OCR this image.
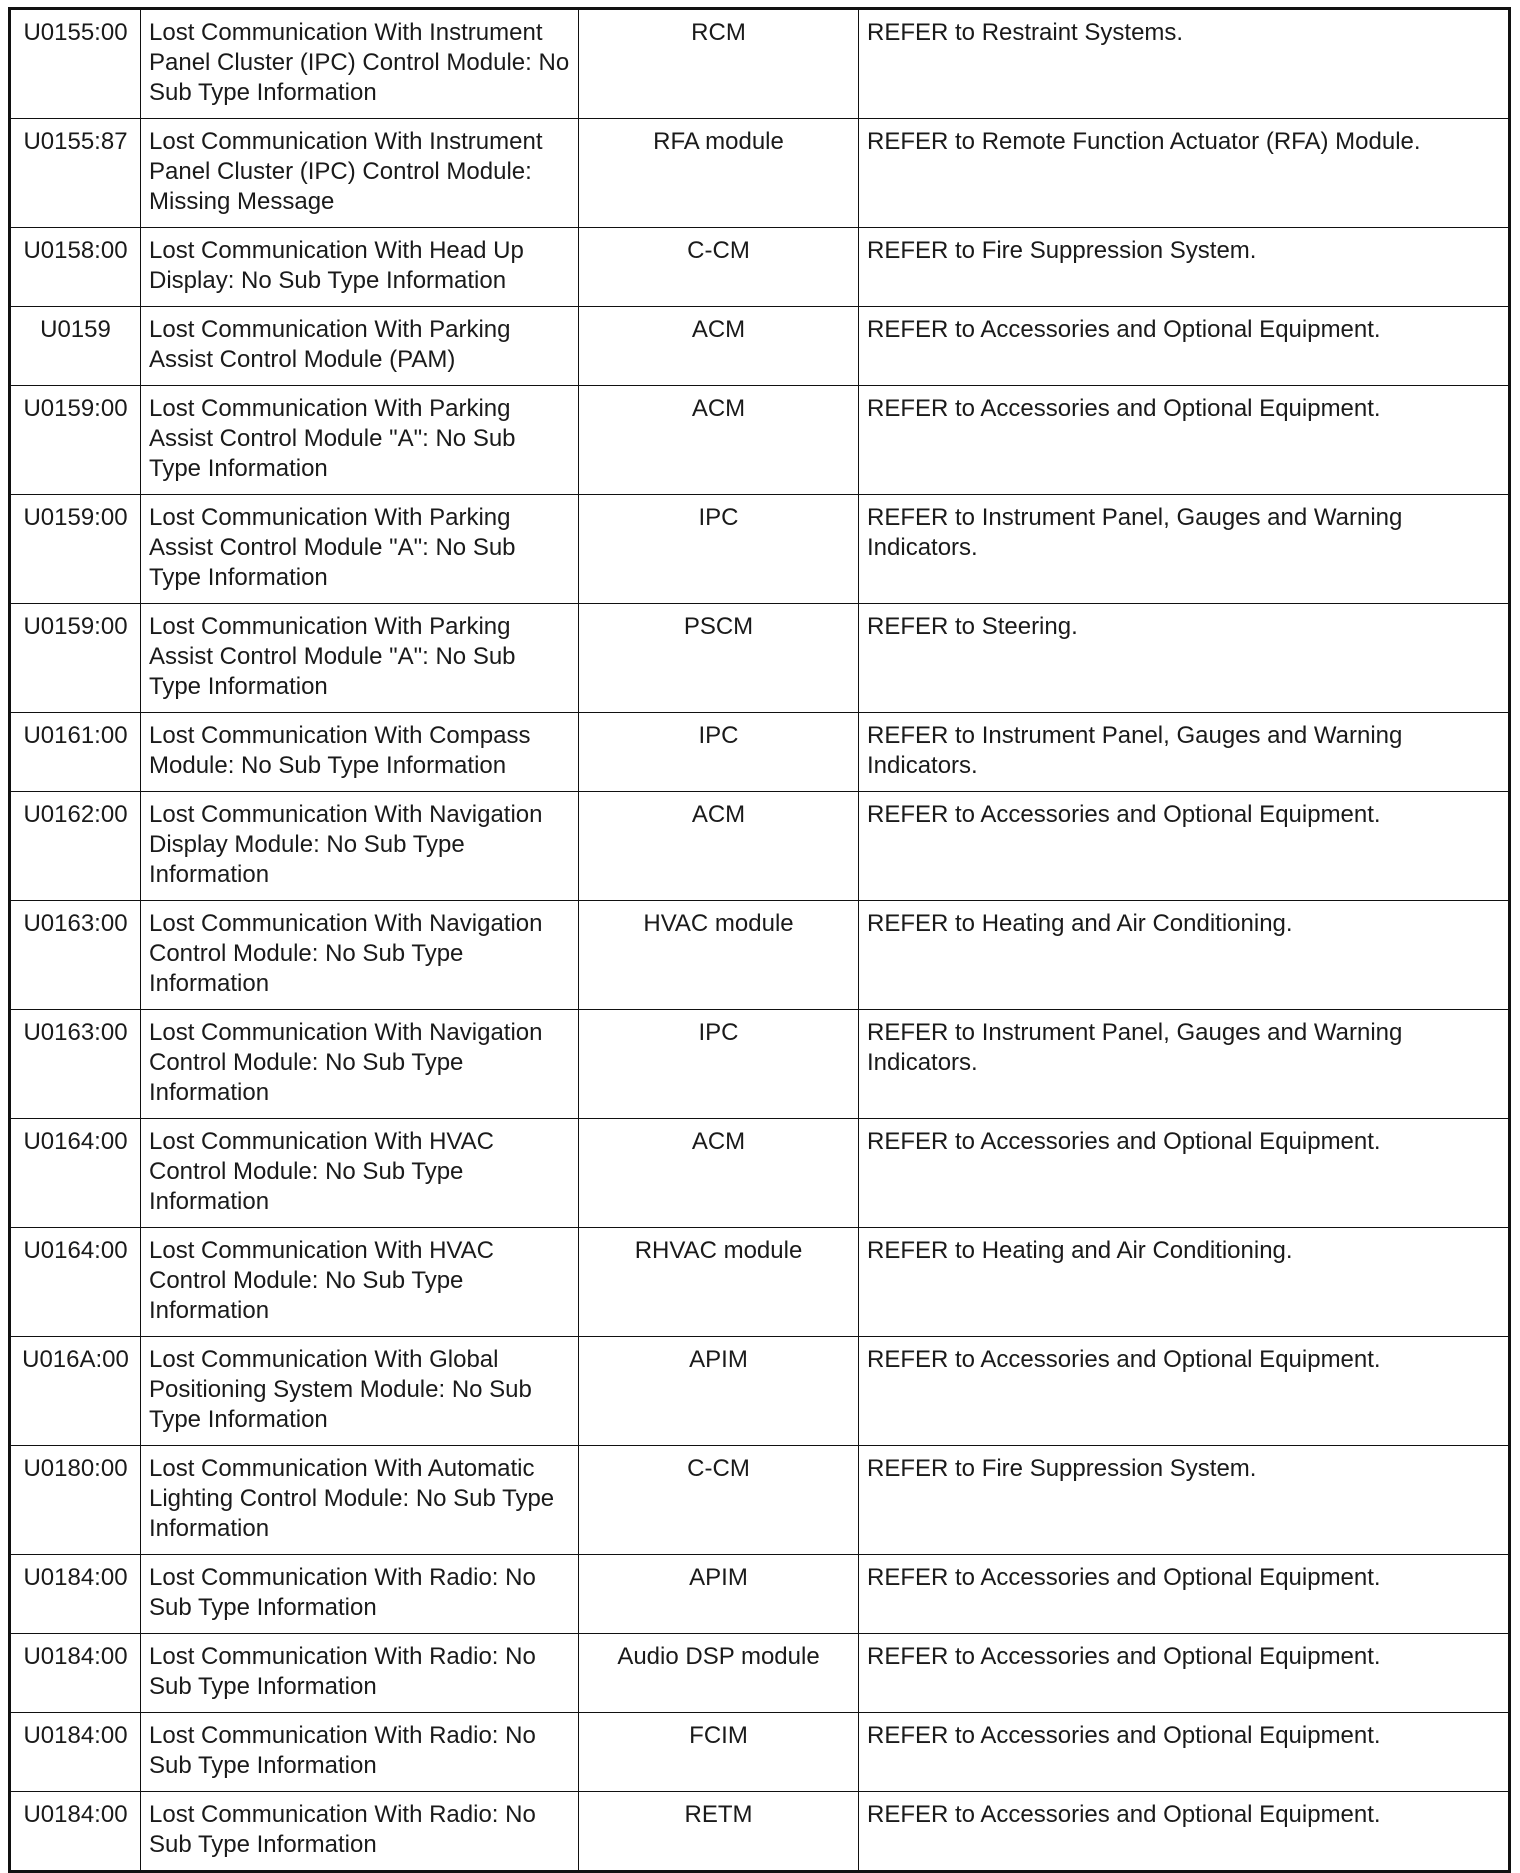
U0155:00	Lost Communication With Instrument Panel Cluster (IPC) Control Module: No Sub Type Information	RCM	REFER to Restraint Systems.
U0155:87	Lost Communication With Instrument Panel Cluster (IPC) Control Module: Missing Message	RFA module	REFER to Remote Function Actuator (RFA) Module.
U0158:00	Lost Communication With Head Up Display: No Sub Type Information	C-CM	REFER to Fire Suppression System.
U0159	Lost Communication With Parking Assist Control Module (PAM)	ACM	REFER to Accessories and Optional Equipment.
U0159:00	Lost Communication With Parking Assist Control Module "A": No Sub Type Information	ACM	REFER to Accessories and Optional Equipment.
U0159:00	Lost Communication With Parking Assist Control Module "A": No Sub Type Information	IPC	REFER to Instrument Panel, Gauges and Warning Indicators.
U0159:00	Lost Communication With Parking Assist Control Module "A": No Sub Type Information	PSCM	REFER to Steering.
U0161:00	Lost Communication With Compass Module: No Sub Type Information	IPC	REFER to Instrument Panel, Gauges and Warning Indicators.
U0162:00	Lost Communication With Navigation Display Module: No Sub Type Information	ACM	REFER to Accessories and Optional Equipment.
U0163:00	Lost Communication With Navigation Control Module: No Sub Type Information	HVAC module	REFER to Heating and Air Conditioning.
U0163:00	Lost Communication With Navigation Control Module: No Sub Type Information	IPC	REFER to Instrument Panel, Gauges and Warning Indicators.
U0164:00	Lost Communication With HVAC Control Module: No Sub Type Information	ACM	REFER to Accessories and Optional Equipment.
U0164:00	Lost Communication With HVAC Control Module: No Sub Type Information	RHVAC module	REFER to Heating and Air Conditioning.
U016A:00	Lost Communication With Global Positioning System Module: No Sub Type Information	APIM	REFER to Accessories and Optional Equipment.
U0180:00	Lost Communication With Automatic Lighting Control Module: No Sub Type Information	C-CM	REFER to Fire Suppression System.
U0184:00	Lost Communication With Radio: No Sub Type Information	APIM	REFER to Accessories and Optional Equipment.
U0184:00	Lost Communication With Radio: No Sub Type Information	Audio DSP module	REFER to Accessories and Optional Equipment.
U0184:00	Lost Communication With Radio: No Sub Type Information	FCIM	REFER to Accessories and Optional Equipment.
U0184:00	Lost Communication With Radio: No Sub Type Information	RETM	REFER to Accessories and Optional Equipment.
